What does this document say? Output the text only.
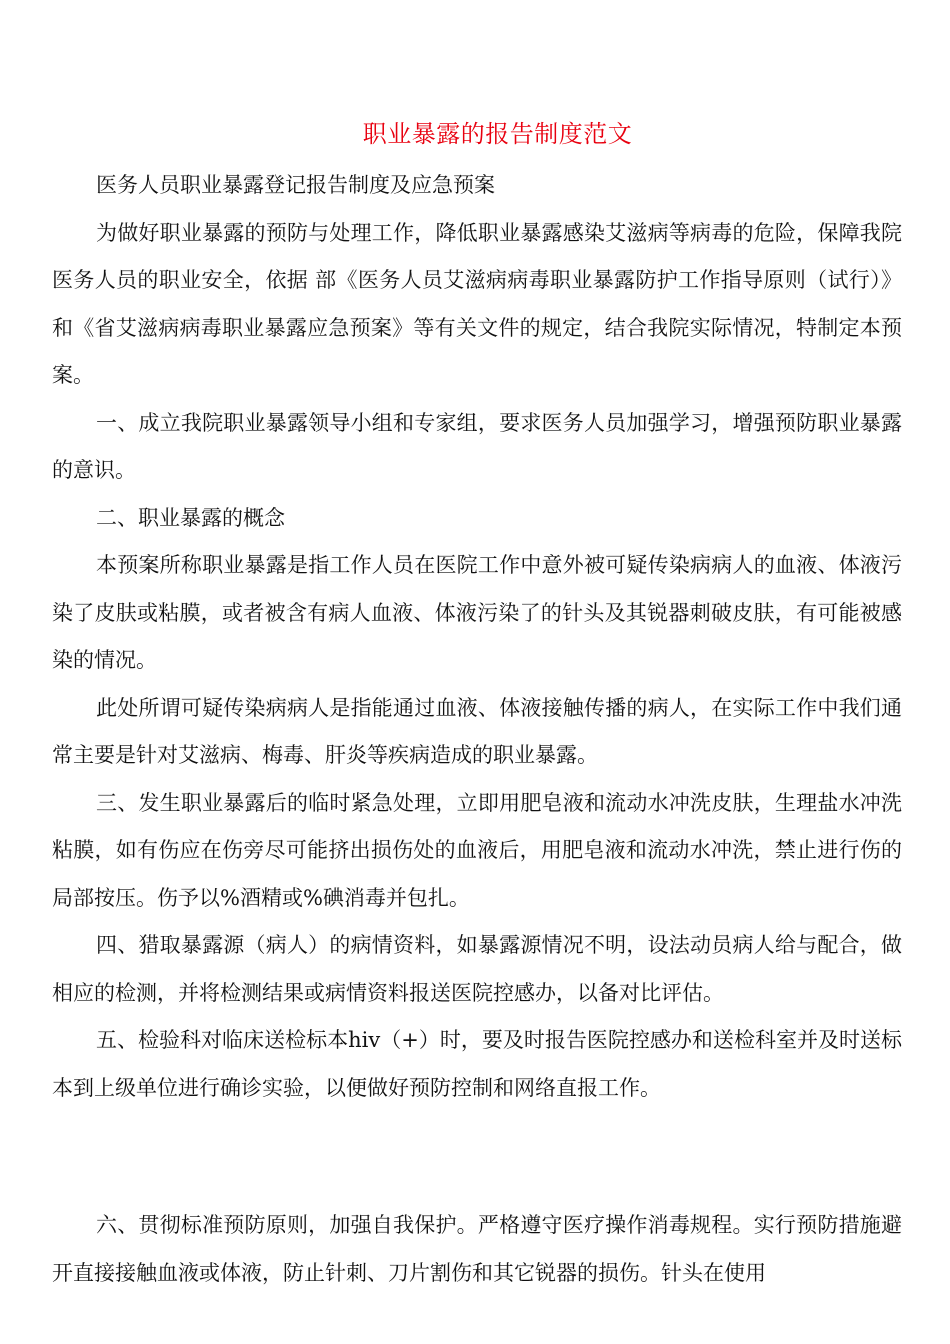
职业暴露的报告制度范文

医务人员职业暴露登记报告制度及应急预案

为做好职业暴露的预防与处理工作，降低职业暴露感染艾滋病等病毒的危险，保障我院医务人员的职业安全，依据 部《医务人员艾滋病病毒职业暴露防护工作指导原则（试行）》和《省艾滋病病毒职业暴露应急预案》等有关文件的规定，结合我院实际情况，特制定本预案。

一、成立我院职业暴露领导小组和专家组，要求医务人员加强学习，增强预防职业暴露的意识。

二、职业暴露的概念

本预案所称职业暴露是指工作人员在医院工作中意外被可疑传染病病人的血液、体液污染了皮肤或粘膜，或者被含有病人血液、体液污染了的针头及其锐器刺破皮肤，有可能被感染的情况。

此处所谓可疑传染病病人是指能通过血液、体液接触传播的病人，在实际工作中我们通常主要是针对艾滋病、梅毒、肝炎等疾病造成的职业暴露。

三、发生职业暴露后的临时紧急处理，立即用肥皂液和流动水冲洗皮肤，生理盐水冲洗粘膜，如有伤应在伤旁尽可能挤出损伤处的血液后，用肥皂液和流动水冲洗，禁止进行伤的局部按压。伤予以%酒精或%碘消毒并包扎。

四、猎取暴露源（病人）的病情资料，如暴露源情况不明，设法动员病人给与配合，做相应的检测，并将检测结果或病情资料报送医院控感办，以备对比评估。

五、检验科对临床送检标本hiv（+）时，要及时报告医院控感办和送检科室并及时送标本到上级单位进行确诊实验，以便做好预防控制和网络直报工作。

六、贯彻标准预防原则，加强自我保护。严格遵守医疗操作消毒规程。实行预防措施避开直接接触血液或体液，防止针刺、刀片割伤和其它锐器的损伤。针头在使用
